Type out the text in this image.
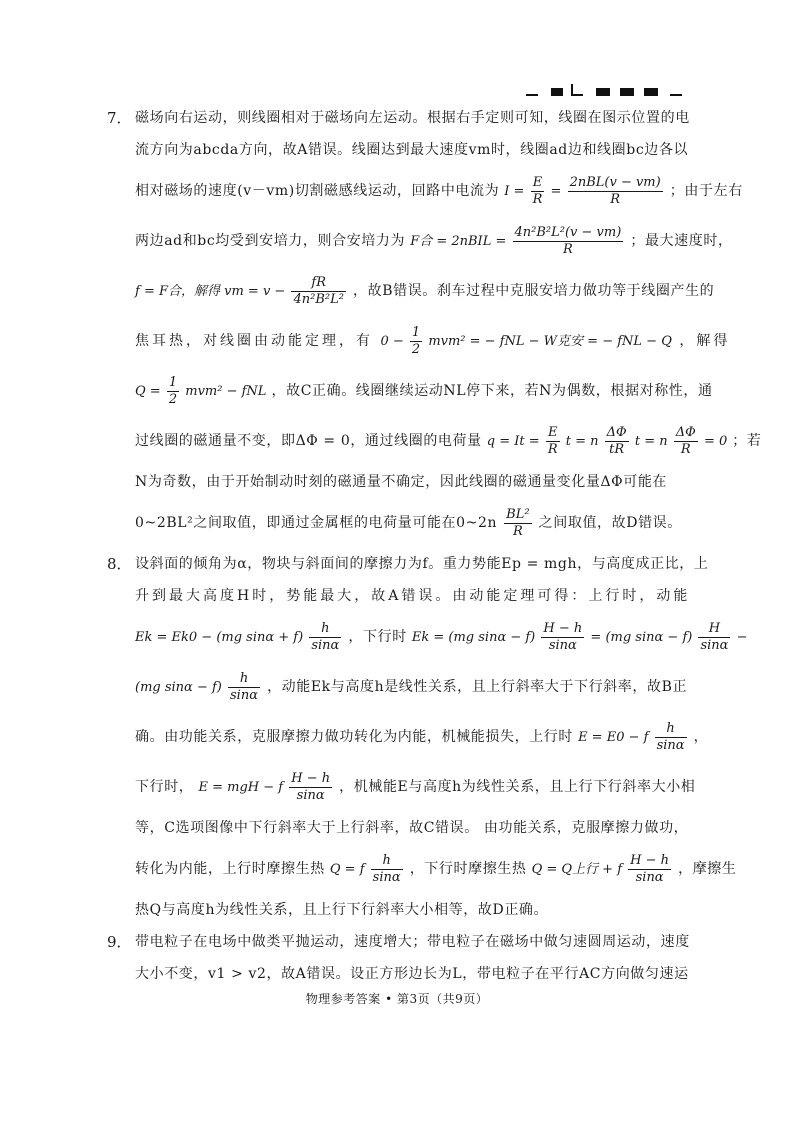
7． 磁场向右运动，则线圈相对于磁场向左运动。根据右手定则可知，线圈在图示位置的电
流方向为abcda方向，故A错误。线圈达到最大速度vm时，线圈ad边和线圈bc边各以
相对磁场的速度(v－vm)切割磁感线运动，回路中电流为 $I = \frac{E}{R} = \frac{\text{2nBL(v − vm)}}{R}$ ；由于左右
两边ad和bc均受到安培力，则合安培力为 F合 = 2nBIL = $\frac{\text{4n²B²L²(v − vm)}}{R}$ ；最大速度时，
f = F合，解得 vm = $v - \frac{fR}{\text{4n²B²L²}}$ ，故B错误。刹车过程中克服安培力做功等于线圈产生的
焦耳热，对线圈由动能定理，有 $0 - \frac{1}{2} mvm^2$ = − fNL − W克安 = − fNL − Q ，解得
$Q = \frac{1}{2} mvm^2$ − fNL ，故C正确。线圈继续运动NL停下来，若N为偶数，根据对称性，通
过线圈的磁通量不变，即ΔΦ = 0，通过线圈的电荷量 $q = It = \frac{E}{R}$ t = n $\frac{\Delta\Phi}{tR}$ t = n $\frac{\Delta\Phi}{R} = 0$ ；若
N为奇数，由于开始制动时刻的磁通量不确定，因此线圈的磁通量变化量ΔΦ可能在
0~2BL²之间取值，即通过金属框的电荷量可能在0~2n $\frac{\text{BL²}}{R}$ 之间取值，故D错误。
8． 设斜面的倾角为α，物块与斜面间的摩擦力为f。重力势能Ep = mgh，与高度成正比，上
升到最大高度H时，势能最大，故A错误。由动能定理可得：上行时，动能
Ek = Ek0 − (mg $\sin\alpha + f) \frac{h}{\sin\alpha}$ ，下行时 Ek = (mg $\sin\alpha - f) \frac{H - h}{\sin\alpha} = (mg$ $\sin\alpha - f) \frac{H}{\sin\alpha}$ −
(mg $\sin\alpha - f) \frac{h}{\sin\alpha}$ ，动能Ek与高度h是线性关系，且上行斜率大于下行斜率，故B正
确。由功能关系，克服摩擦力做功转化为内能，机械能损失，上行时 E = E0 − f $\frac{h}{\sin\alpha}$ ，
下行时， E = mgH − f $\frac{H - h}{\sin\alpha}$ ，机械能E与高度h为线性关系，且上行下行斜率大小相
等，C选项图像中下行斜率大于上行斜率，故C错误。 由功能关系，克服摩擦力做功，
转化为内能，上行时摩擦生热 Q = f $\frac{h}{\sin\alpha}$ ，下行时摩擦生热 Q = Q上行 + f $\frac{H - h}{\sin\alpha}$ ，摩擦生
热Q与高度h为线性关系，且上行下行斜率大小相等，故D正确。
9． 带电粒子在电场中做类平抛运动，速度增大；带电粒子在磁场中做匀速圆周运动，速度
大小不变，v1 > v2，故A错误。设正方形边长为L，带电粒子在平行AC方向做匀速运
物理参考答案 • 第3页（共9页）
